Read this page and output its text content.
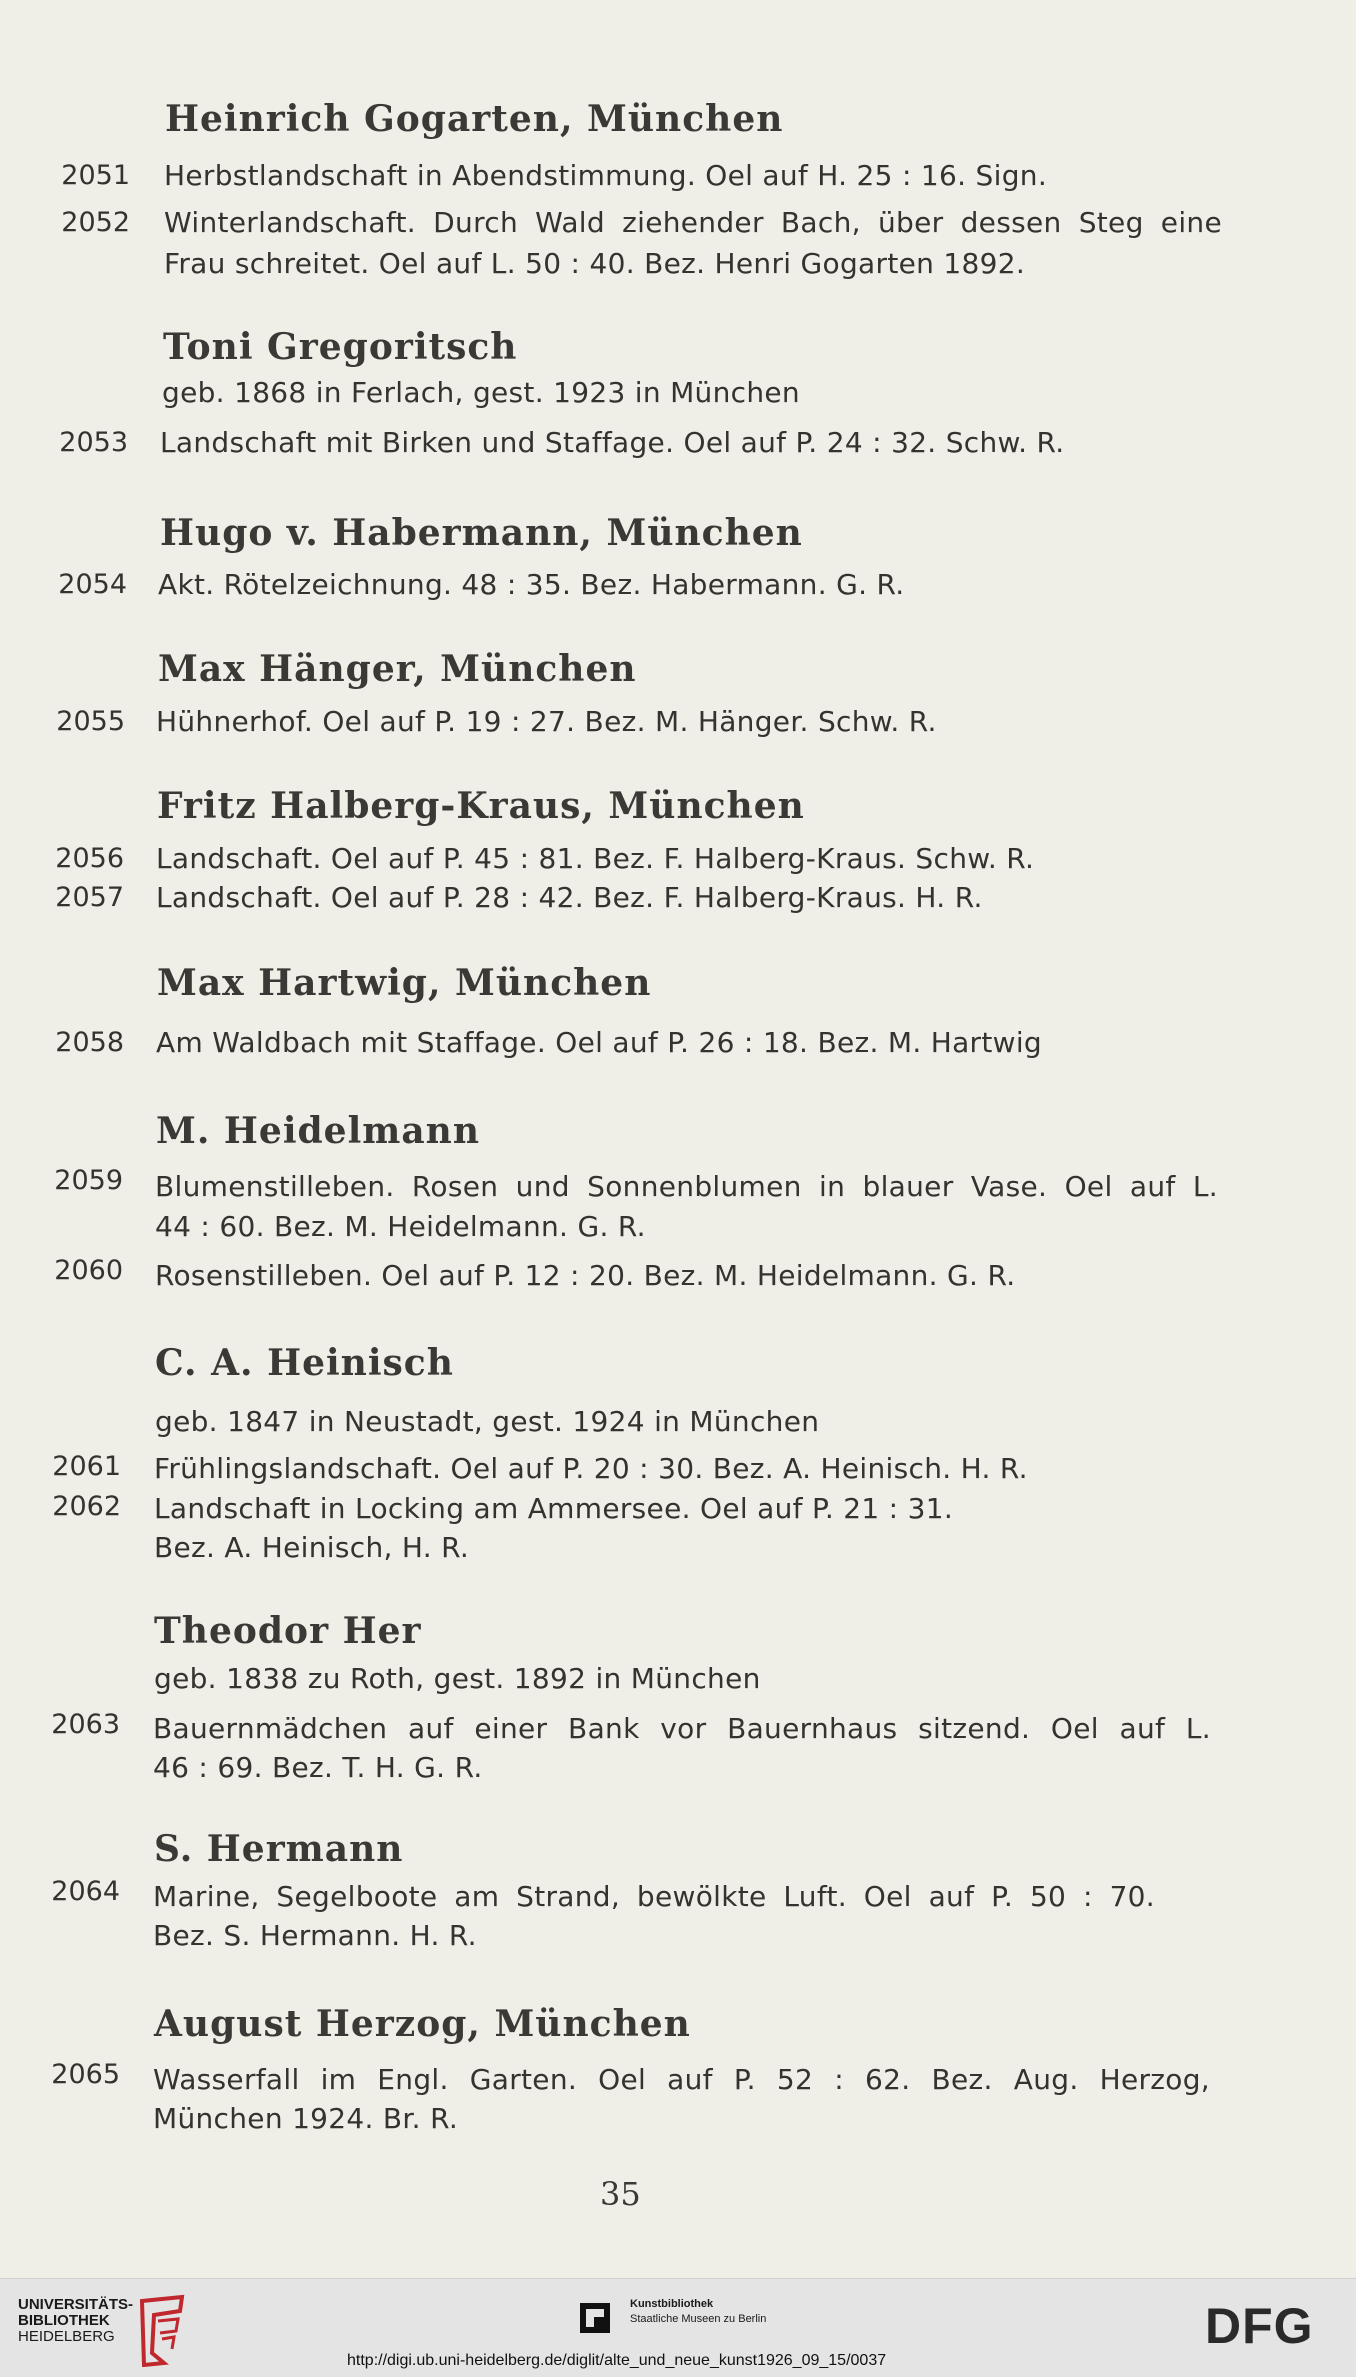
Heinrich Gogarten, München
2051 Herbstlandschaft in Abendstimmung. Oel auf H. 25 : 16. Sign.
2052 Winterlandschaft. Durch Wald ziehender Bach, über dessen Steg eine
Frau schreitet. Oel auf L. 50 : 40. Bez. Henri Gogarten 1892.
Toni Gregoritsch
geb. 1868 in Ferlach, gest. 1923 in München
2053 Landschaft mit Birken und Staffage. Oel auf P. 24 : 32. Schw. R.
Hugo v. Habermann, München
2054 Akt. Rötelzeichnung. 48 : 35. Bez. Habermann. G. R.
Max Hänger, München
2055 Hühnerhof. Oel auf P. 19 : 27. Bez. M. Hänger. Schw. R.
Fritz Halberg-Kraus, München
2056 Landschaft. Oel auf P. 45 : 81. Bez. F. Halberg-Kraus. Schw. R.
2057 Landschaft. Oel auf P. 28 : 42. Bez. F. Halberg-Kraus. H. R.
Max Hartwig, München
2058 Am Waldbach mit Staffage. Oel auf P. 26 : 18. Bez. M. Hartwig
M. Heidelmann
2059 Blumenstilleben. Rosen und Sonnenblumen in blauer Vase. Oel auf L.
44 : 60. Bez. M. Heidelmann. G. R.
2060 Rosenstilleben. Oel auf P. 12 : 20. Bez. M. Heidelmann. G. R.
C. A. Heinisch
geb. 1847 in Neustadt, gest. 1924 in München
2061 Frühlingslandschaft. Oel auf P. 20 : 30. Bez. A. Heinisch. H. R.
2062 Landschaft in Locking am Ammersee. Oel auf P. 21 : 31.
Bez. A. Heinisch, H. R.
Theodor Her
geb. 1838 zu Roth, gest. 1892 in München
2063 Bauernmädchen auf einer Bank vor Bauernhaus sitzend. Oel auf L.
46 : 69. Bez. T. H. G. R.
S. Hermann
2064 Marine, Segelboote am Strand, bewölkte Luft. Oel auf P. 50 : 70.
Bez. S. Hermann. H. R.
August Herzog, München
2065 Wasserfall im Engl. Garten. Oel auf P. 52 : 62. Bez. Aug. Herzog,
München 1924. Br. R.
35
UNIVERSITÄTS-
BIBLIOTHEK
HEIDELBERG
Kunstbibliothek
Staatliche Museen zu Berlin	DFG
http://digi.ub.uni-heidelberg.de/diglit/alte_und_neue_kunst1926_09_15/0037
